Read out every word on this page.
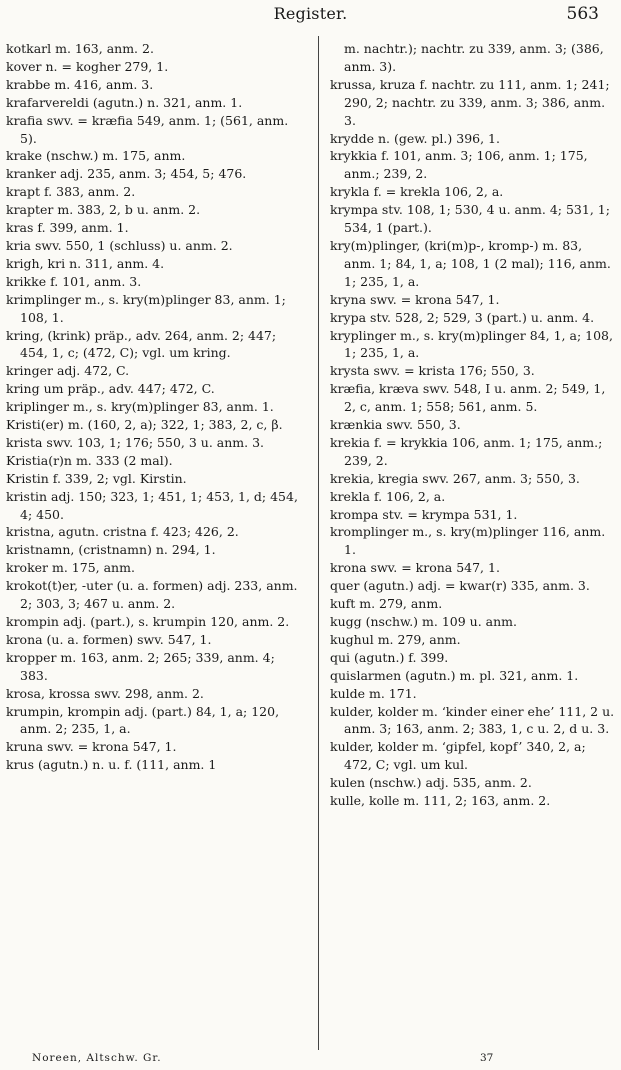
Register.	563

kotkarl m. 163, anm. 2.

kover n. = kogher 279, 1.

krabbe m. 416, anm. 3.

krafarvereldi (agutn.) n. 321, anm. 1.

krafia swv. = kræfia 549, anm. 1; (561, anm. 5).

krake (nschw.) m. 175, anm.

kranker adj. 235, anm. 3; 454, 5; 476.

krapt f. 383, anm. 2.

krapter m. 383, 2, b u. anm. 2.

kras f. 399, anm. 1.

kria swv. 550, 1 (schluss) u. anm. 2.

krigh, kri n. 311, anm. 4.

krikke f. 101, anm. 3.

krimplinger m., s. kry(m)plinger 83, anm. 1; 108, 1.

kring, (krink) präp., adv. 264, anm. 2; 447; 454, 1, c; (472, C); vgl. um kring.

kringer adj. 472, C.

kring um präp., adv. 447; 472, C.

kriplinger m., s. kry(m)plinger 83, anm. 1.

Kristi(er) m. (160, 2, a); 322, 1; 383, 2, c, β.

krista swv. 103, 1; 176; 550, 3 u. anm. 3.

Kristia(r)n m. 333 (2 mal).

Kristin f. 339, 2; vgl. Kirstin.

kristin adj. 150; 323, 1; 451, 1; 453, 1, d; 454, 4; 450.

kristna, agutn. cristna f. 423; 426, 2.

kristnamn, (cristnamn) n. 294, 1.

kroker m. 175, anm.

krokot(t)er, -uter (u. a. formen) adj. 233, anm. 2; 303, 3; 467 u. anm. 2.

krompin adj. (part.), s. krumpin 120, anm. 2.

krona (u. a. formen) swv. 547, 1.

kropper m. 163, anm. 2; 265; 339, anm. 4; 383.

krosa, krossa swv. 298, anm. 2.

krumpin, krompin adj. (part.) 84, 1, a; 120, anm. 2; 235, 1, a.

kruna swv. = krona 547, 1.

krus (agutn.) n. u. f. (111, anm. 1

m. nachtr.); nachtr. zu 339, anm. 3; (386, anm. 3).

krussa, kruza f. nachtr. zu 111, anm. 1; 241; 290, 2; nachtr. zu 339, anm. 3; 386, anm. 3.

krydde n. (gew. pl.) 396, 1.

krykkia f. 101, anm. 3; 106, anm. 1; 175, anm.; 239, 2.

krykla f. = krekla 106, 2, a.

krympa stv. 108, 1; 530, 4 u. anm. 4; 531, 1; 534, 1 (part.).

kry(m)plinger, (kri(m)p-, kromp-) m. 83, anm. 1; 84, 1, a; 108, 1 (2 mal); 116, anm. 1; 235, 1, a.

kryna swv. = krona 547, 1.

krypa stv. 528, 2; 529, 3 (part.) u. anm. 4.

kryplinger m., s. kry(m)plinger 84, 1, a; 108, 1; 235, 1, a.

krysta swv. = krista 176; 550, 3.

kræfia, kræva swv. 548, I u. anm. 2; 549, 1, 2, c, anm. 1; 558; 561, anm. 5.

krænkia swv. 550, 3.

krekia f. = krykkia 106, anm. 1; 175, anm.; 239, 2.

krekia, kregia swv. 267, anm. 3; 550, 3.

krekla f. 106, 2, a.

krompa stv. = krympa 531, 1.

kromplinger m., s. kry(m)plinger 116, anm. 1.

krona swv. = krona 547, 1.

quer (agutn.) adj. = kwar(r) 335, anm. 3.

kuft m. 279, anm.

kugg (nschw.) m. 109 u. anm.

kughul m. 279, anm.

qui (agutn.) f. 399.

quislarmen (agutn.) m. pl. 321, anm. 1.

kulde m. 171.

kulder, kolder m. ‘kinder einer ehe’ 111, 2 u. anm. 3; 163, anm. 2; 383, 1, c u. 2, d u. 3.

kulder, kolder m. ‘gipfel, kopf’ 340, 2, a; 472, C; vgl. um kul.

kulen (nschw.) adj. 535, anm. 2.

kulle, kolle m. 111, 2; 163, anm. 2.

Noreen, Altschw. Gr.	37
